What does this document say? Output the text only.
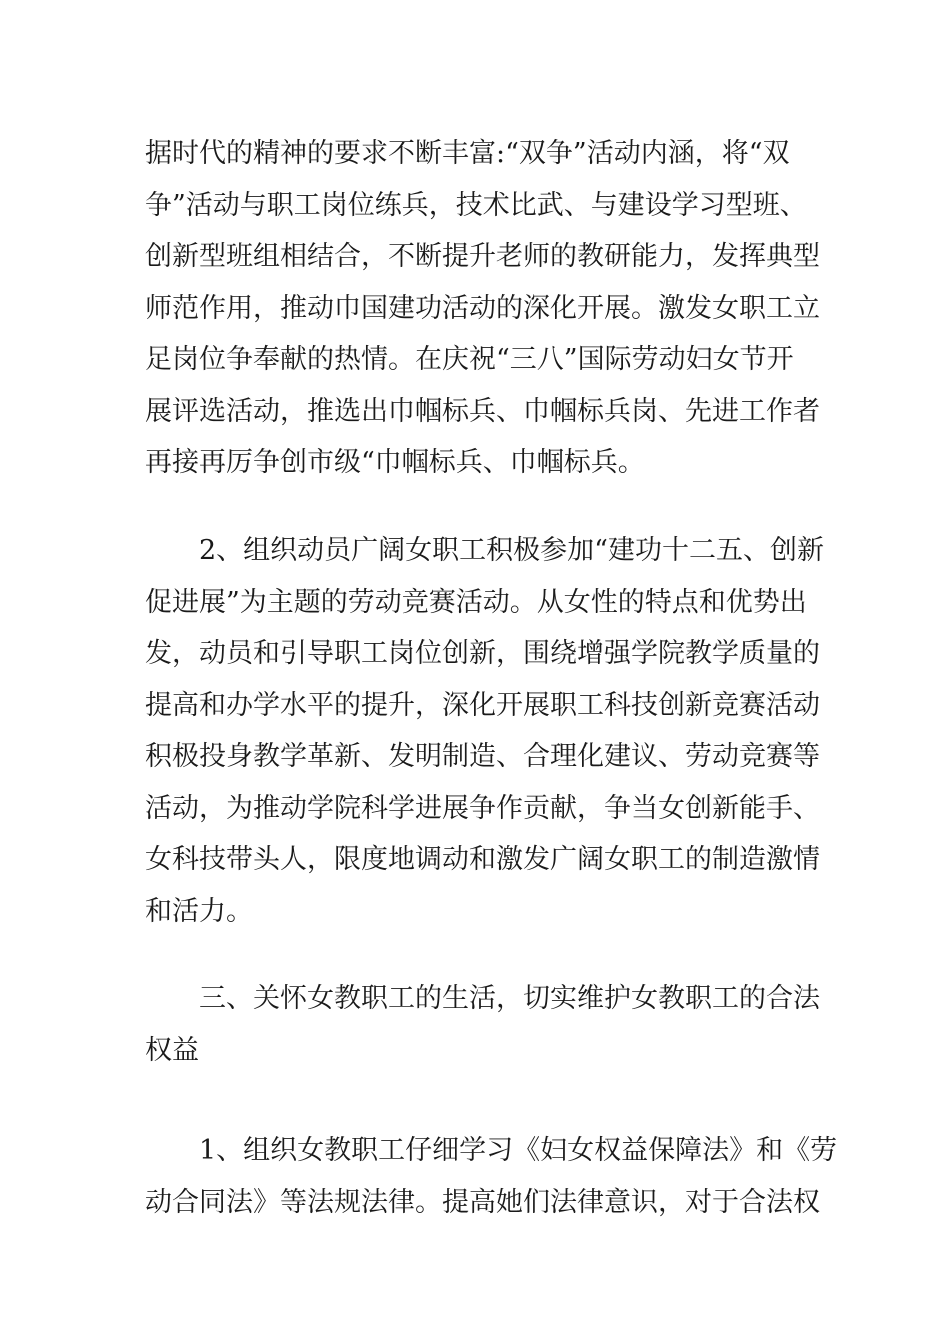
据时代的精神的要求不断丰富:“双争”活动内涵，将“双
争”活动与职工岗位练兵，技术比武、与建设学习型班、
创新型班组相结合，不断提升老师的教研能力，发挥典型
师范作用，推动巾国建功活动的深化开展。激发女职工立
足岗位争奉献的热情。在庆祝“三八”国际劳动妇女节开
展评选活动，推选出巾帼标兵、巾帼标兵岗、先进工作者
再接再厉争创市级“巾帼标兵、巾帼标兵。

2、组织动员广阔女职工积极参加“建功十二五、创新
促进展”为主题的劳动竞赛活动。从女性的特点和优势出
发，动员和引导职工岗位创新，围绕增强学院教学质量的
提高和办学水平的提升，深化开展职工科技创新竞赛活动
积极投身教学革新、发明制造、合理化建议、劳动竞赛等
活动，为推动学院科学进展争作贡献，争当女创新能手、
女科技带头人，限度地调动和激发广阔女职工的制造激情
和活力。

三、关怀女教职工的生活，切实维护女教职工的合法
权益

1、组织女教职工仔细学习《妇女权益保障法》和《劳
动合同法》等法规法律。提高她们法律意识，对于合法权
